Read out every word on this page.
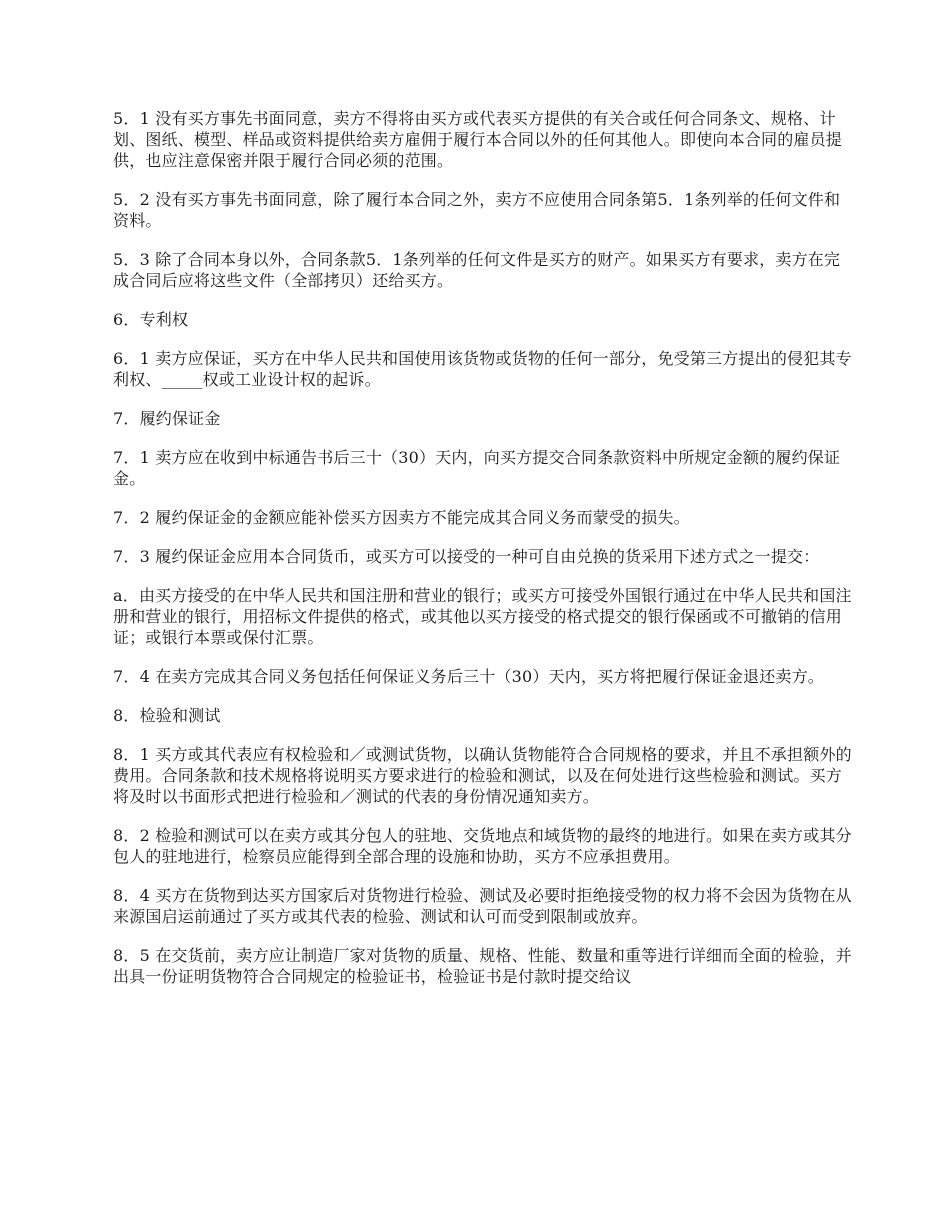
5．1 没有买方事先书面同意，卖方不得将由买方或代表买方提供的有关合或任何合同条文、规格、计划、图纸、模型、样品或资料提供给卖方雇佣于履行本合同以外的任何其他人。即使向本合同的雇员提供，也应注意保密并限于履行合同必须的范围。

5．2 没有买方事先书面同意，除了履行本合同之外，卖方不应使用合同条第5．1条列举的任何文件和资料。

5．3 除了合同本身以外，合同条款5．1条列举的任何文件是买方的财产。如果买方有要求，卖方在完成合同后应将这些文件（全部拷贝）还给买方。

6．专利权

6．1 卖方应保证，买方在中华人民共和国使用该货物或货物的任何一部分，免受第三方提出的侵犯其专利权、_____权或工业设计权的起诉。

7．履约保证金

7．1 卖方应在收到中标通告书后三十（30）天内，向买方提交合同条款资料中所规定金额的履约保证金。

7．2 履约保证金的金额应能补偿买方因卖方不能完成其合同义务而蒙受的损失。

7．3 履约保证金应用本合同货币，或买方可以接受的一种可自由兑换的货采用下述方式之一提交：

a．由买方接受的在中华人民共和国注册和营业的银行；或买方可接受外国银行通过在中华人民共和国注册和营业的银行，用招标文件提供的格式，或其他以买方接受的格式提交的银行保函或不可撤销的信用证；或银行本票或保付汇票。

7．4 在卖方完成其合同义务包括任何保证义务后三十（30）天内，买方将把履行保证金退还卖方。

8．检验和测试

8．1 买方或其代表应有权检验和／或测试货物，以确认货物能符合合同规格的要求，并且不承担额外的费用。合同条款和技术规格将说明买方要求进行的检验和测试，以及在何处进行这些检验和测试。买方将及时以书面形式把进行检验和／测试的代表的身份情况通知卖方。

8．2 检验和测试可以在卖方或其分包人的驻地、交货地点和域货物的最终的地进行。如果在卖方或其分包人的驻地进行，检察员应能得到全部合理的设施和协助，买方不应承担费用。

8．4 买方在货物到达买方国家后对货物进行检验、测试及必要时拒绝接受物的权力将不会因为货物在从来源国启运前通过了买方或其代表的检验、测试和认可而受到限制或放弃。

8．5 在交货前，卖方应让制造厂家对货物的质量、规格、性能、数量和重等进行详细而全面的检验，并出具一份证明货物符合合同规定的检验证书，检验证书是付款时提交给议
